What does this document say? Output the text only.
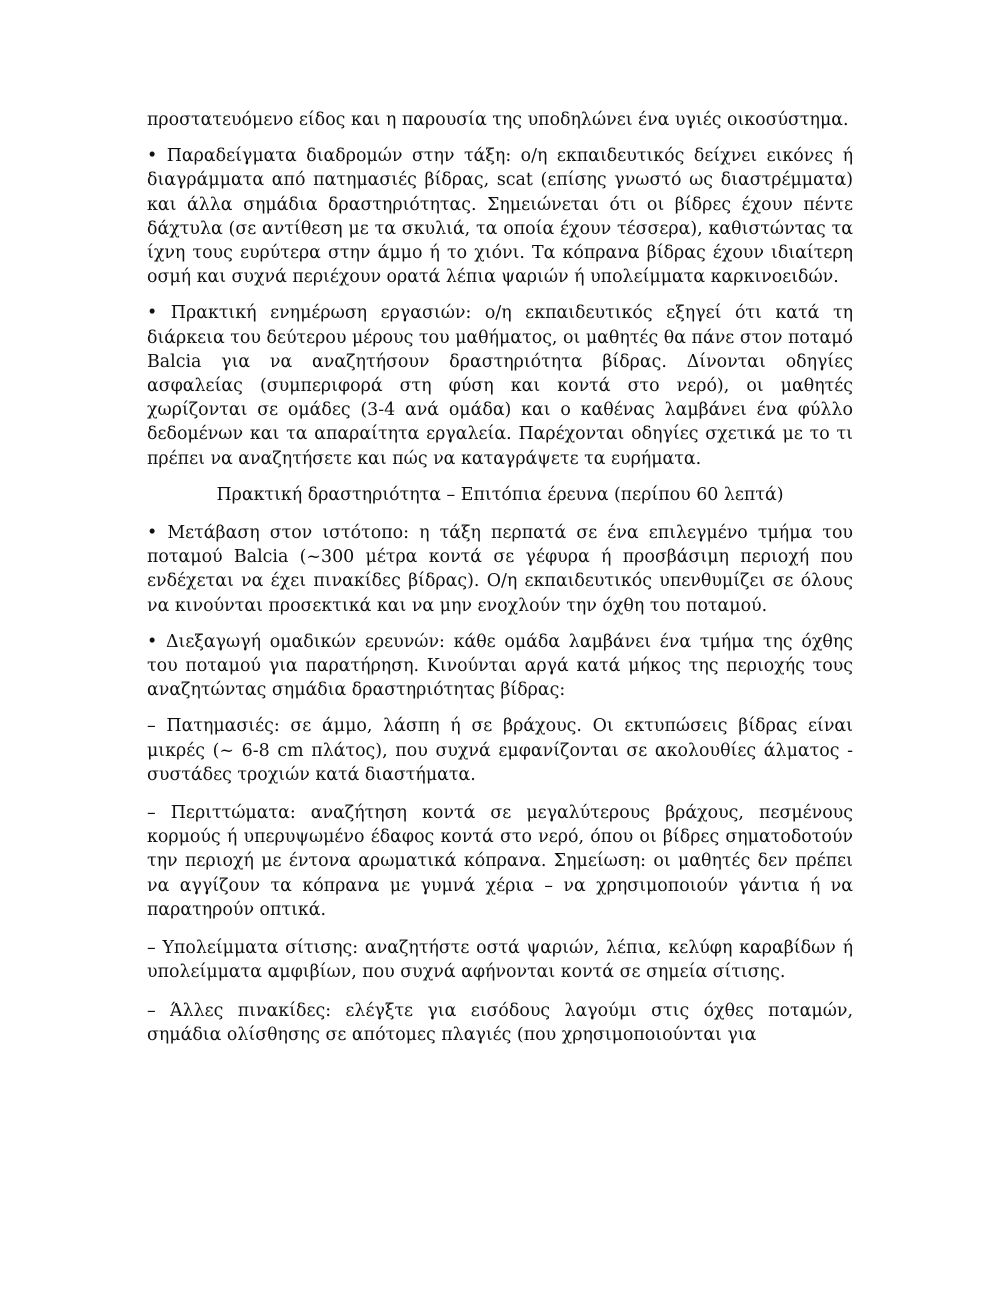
προστατευόμενο είδος και η παρουσία της υποδηλώνει ένα υγιές οικοσύστημα.

• Παραδείγματα διαδρομών στην τάξη: ο/η εκπαιδευτικός δείχνει εικόνες ή διαγράμματα από πατημασιές βίδρας, scat (επίσης γνωστό ως διαστρέμματα) και άλλα σημάδια δραστηριότητας. Σημειώνεται ότι οι βίδρες έχουν πέντε δάχτυλα (σε αντίθεση με τα σκυλιά, τα οποία έχουν τέσσερα), καθιστώντας τα ίχνη τους ευρύτερα στην άμμο ή το χιόνι. Τα κόπρανα βίδρας έχουν ιδιαίτερη οσμή και συχνά περιέχουν ορατά λέπια ψαριών ή υπολείμματα καρκινοειδών.

• Πρακτική ενημέρωση εργασιών: ο/η εκπαιδευτικός εξηγεί ότι κατά τη διάρκεια του δεύτερου μέρους του μαθήματος, οι μαθητές θα πάνε στον ποταμό Balcia για να αναζητήσουν δραστηριότητα βίδρας. Δίνονται οδηγίες ασφαλείας (συμπεριφορά στη φύση και κοντά στο νερό), οι μαθητές χωρίζονται σε ομάδες (3-4 ανά ομάδα) και ο καθένας λαμβάνει ένα φύλλο δεδομένων και τα απαραίτητα εργαλεία. Παρέχονται οδηγίες σχετικά με το τι πρέπει να αναζητήσετε και πώς να καταγράψετε τα ευρήματα.

Πρακτική δραστηριότητα – Επιτόπια έρευνα (περίπου 60 λεπτά)

• Μετάβαση στον ιστότοπο: η τάξη περπατά σε ένα επιλεγμένο τμήμα του ποταμού Balcia (~300 μέτρα κοντά σε γέφυρα ή προσβάσιμη περιοχή που ενδέχεται να έχει πινακίδες βίδρας). Ο/η εκπαιδευτικός υπενθυμίζει σε όλους να κινούνται προσεκτικά και να μην ενοχλούν την όχθη του ποταμού.

• Διεξαγωγή ομαδικών ερευνών: κάθε ομάδα λαμβάνει ένα τμήμα της όχθης του ποταμού για παρατήρηση. Κινούνται αργά κατά μήκος της περιοχής τους αναζητώντας σημάδια δραστηριότητας βίδρας:

– Πατημασιές: σε άμμο, λάσπη ή σε βράχους. Οι εκτυπώσεις βίδρας είναι μικρές (~ 6-8 cm πλάτος), που συχνά εμφανίζονται σε ακολουθίες άλματος - συστάδες τροχιών κατά διαστήματα.

– Περιττώματα: αναζήτηση κοντά σε μεγαλύτερους βράχους, πεσμένους κορμούς ή υπερυψωμένο έδαφος κοντά στο νερό, όπου οι βίδρες σηματοδοτούν την περιοχή με έντονα αρωματικά κόπρανα. Σημείωση: οι μαθητές δεν πρέπει να αγγίζουν τα κόπρανα με γυμνά χέρια – να χρησιμοποιούν γάντια ή να παρατηρούν οπτικά.

– Υπολείμματα σίτισης: αναζητήστε οστά ψαριών, λέπια, κελύφη καραβίδων ή υπολείμματα αμφιβίων, που συχνά αφήνονται κοντά σε σημεία σίτισης.

– Άλλες πινακίδες: ελέγξτε για εισόδους λαγούμι στις όχθες ποταμών, σημάδια ολίσθησης σε απότομες πλαγιές (που χρησιμοποιούνται για
